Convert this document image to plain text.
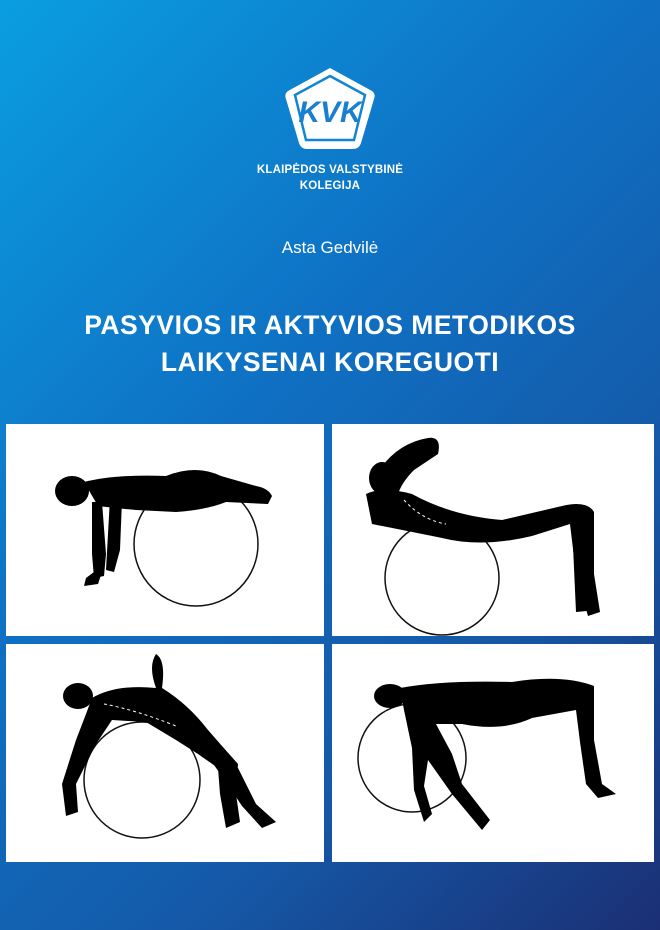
KVK
KLAIPĖDOS VALSTYBINĖ
KOLEGIJA
Asta Gedvilė
PASYVIOS IR AKTYVIOS METODIKOS
LAIKYSENAI KOREGUOTI
